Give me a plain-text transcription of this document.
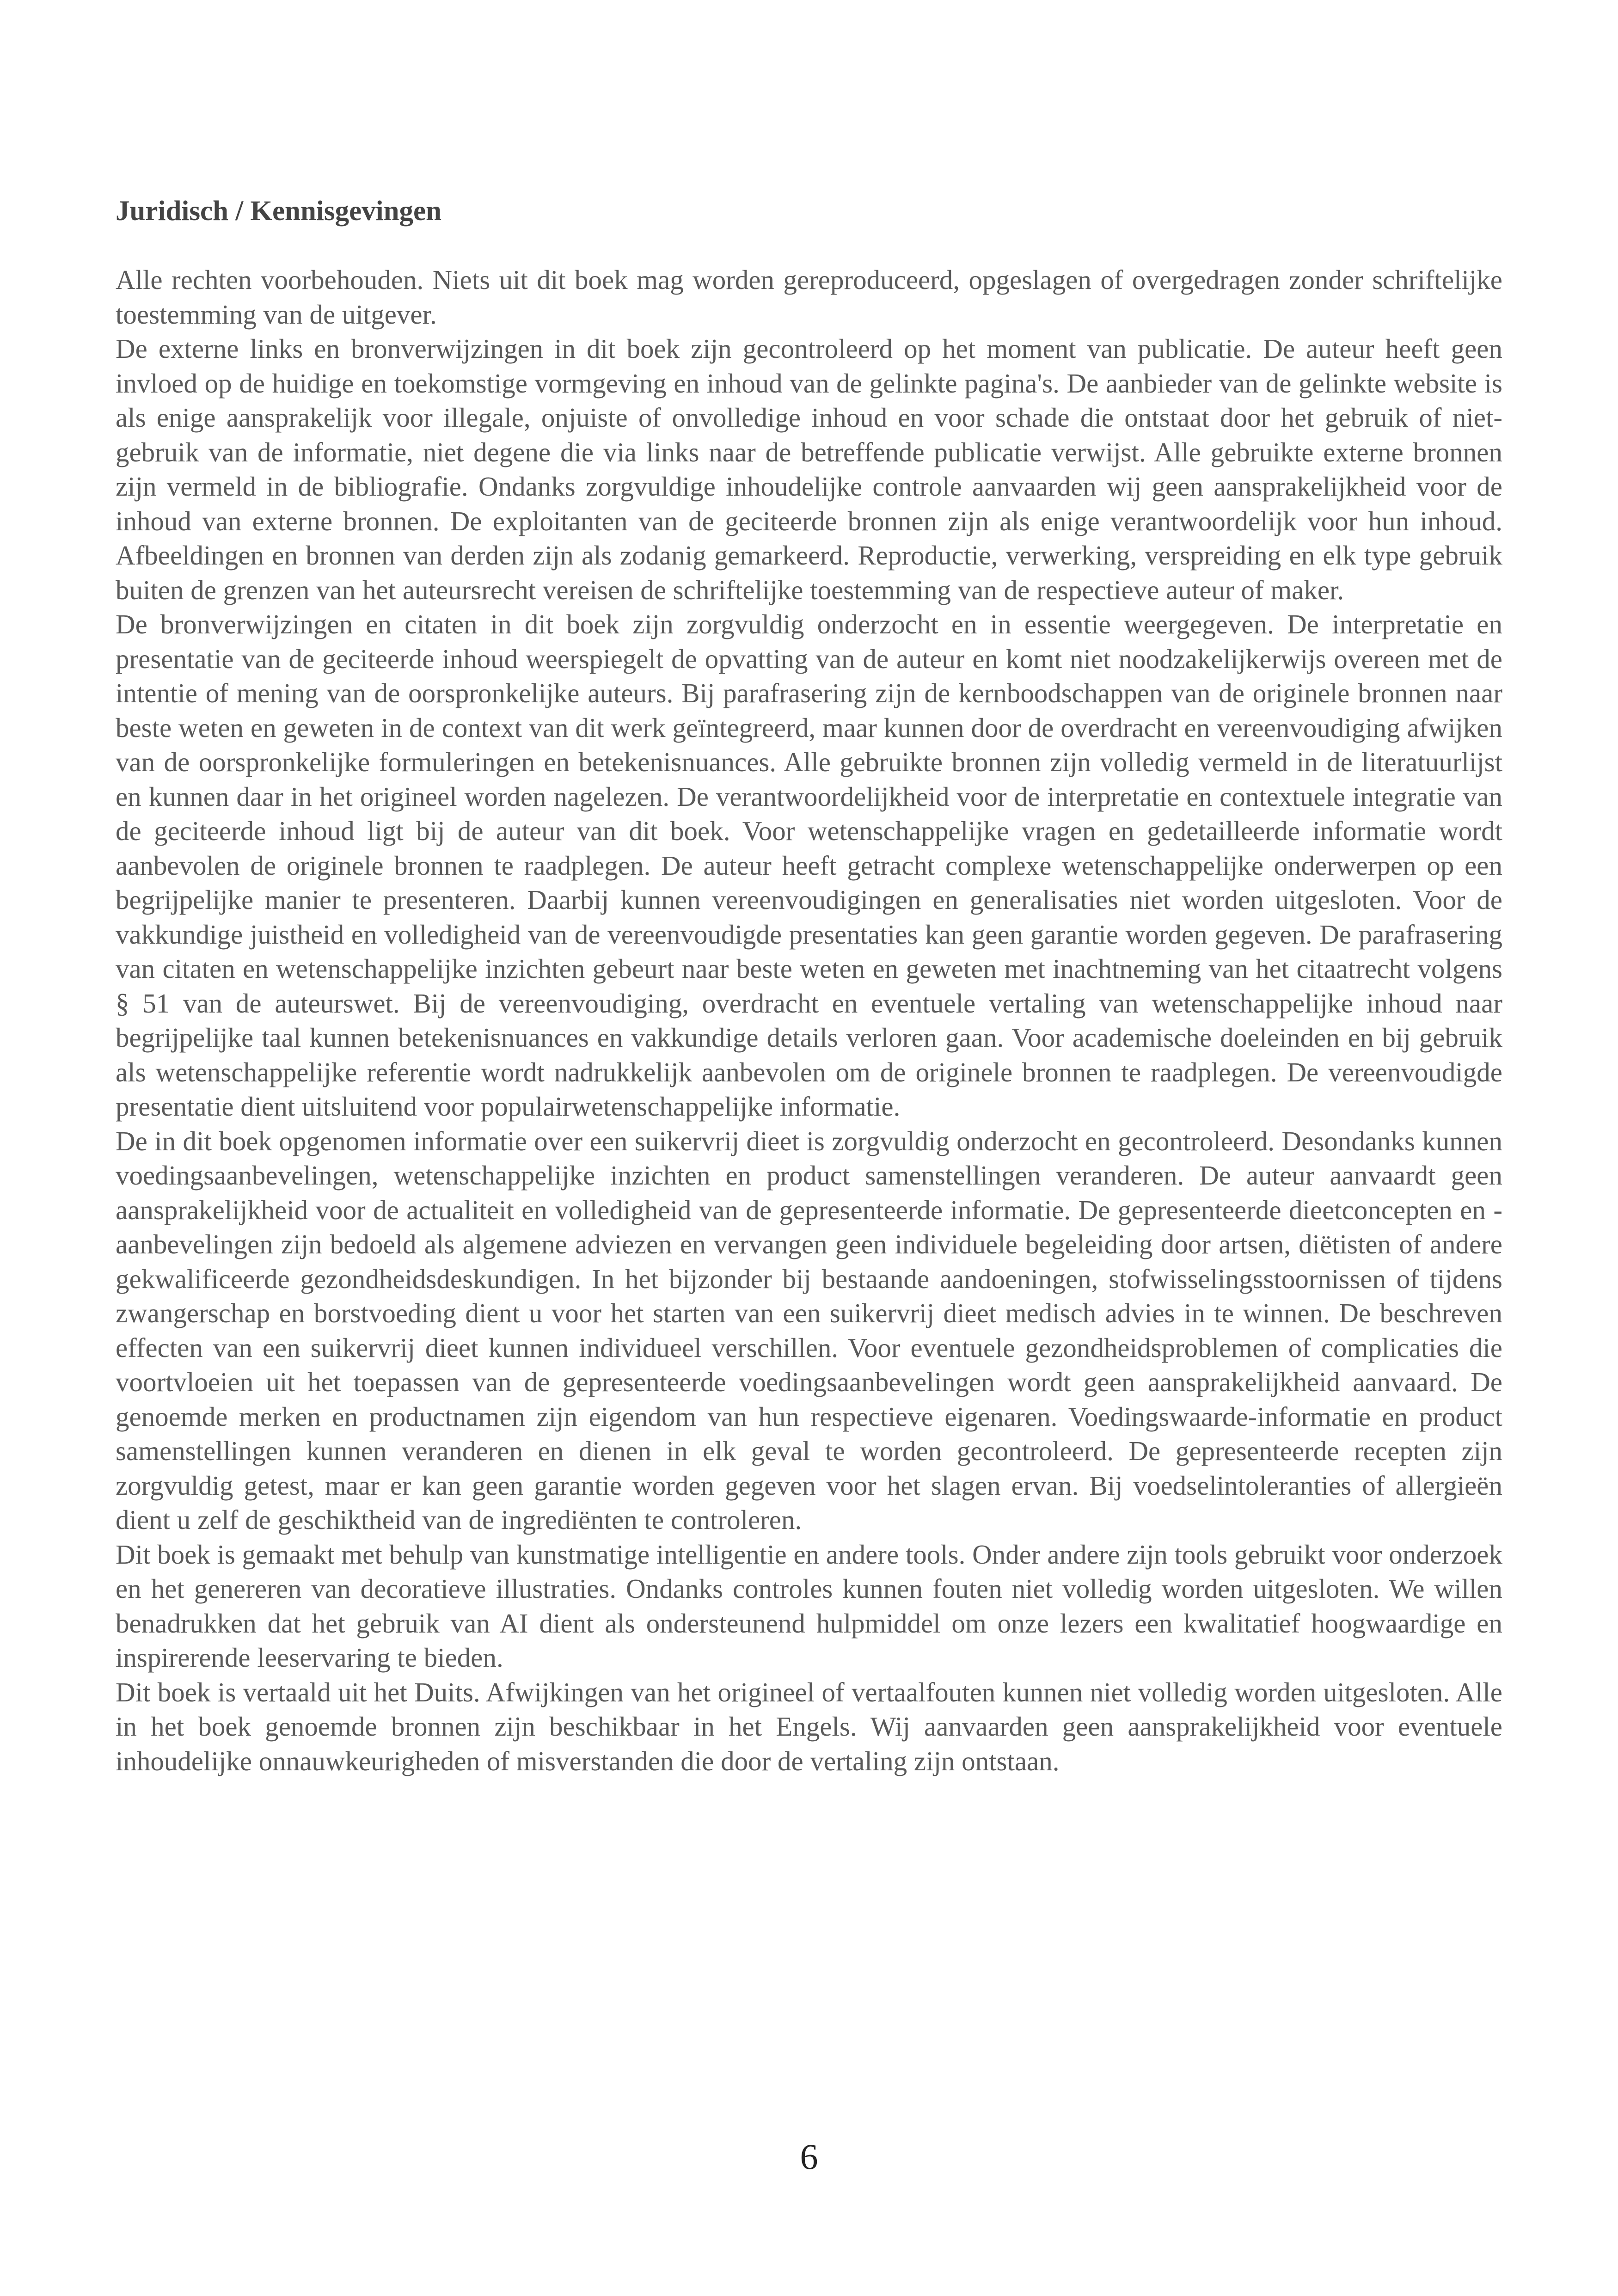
Juridisch / Kennisgevingen

Alle rechten voorbehouden. Niets uit dit boek mag worden gereproduceerd, opgeslagen of overgedragen zonder schriftelijke toestemming van de uitgever.

De externe links en bronverwijzingen in dit boek zijn gecontroleerd op het moment van publicatie. De auteur heeft geen invloed op de huidige en toekomstige vormgeving en inhoud van de gelinkte pagina's. De aanbieder van de gelinkte website is als enige aansprakelijk voor illegale, onjuiste of onvolledige inhoud en voor schade die ontstaat door het gebruik of niet-gebruik van de informatie, niet degene die via links naar de betreffende publicatie verwijst. Alle gebruikte externe bronnen zijn vermeld in de bibliografie. Ondanks zorgvuldige inhoudelijke controle aanvaarden wij geen aansprakelijkheid voor de inhoud van externe bronnen. De exploitanten van de geciteerde bronnen zijn als enige verantwoordelijk voor hun inhoud. Afbeeldingen en bronnen van derden zijn als zodanig gemarkeerd. Reproductie, verwerking, verspreiding en elk type gebruik buiten de grenzen van het auteursrecht vereisen de schriftelijke toestemming van de respectieve auteur of maker.

De bronverwijzingen en citaten in dit boek zijn zorgvuldig onderzocht en in essentie weergegeven. De interpretatie en presentatie van de geciteerde inhoud weerspiegelt de opvatting van de auteur en komt niet noodzakelijkerwijs overeen met de intentie of mening van de oorspronkelijke auteurs. Bij parafrasering zijn de kernboodschappen van de originele bronnen naar beste weten en geweten in de context van dit werk geïntegreerd, maar kunnen door de overdracht en vereenvoudiging afwijken van de oorspronkelijke formuleringen en betekenisnuances. Alle gebruikte bronnen zijn volledig vermeld in de literatuurlijst en kunnen daar in het origineel worden nagelezen. De verantwoordelijkheid voor de interpretatie en contextuele integratie van de geciteerde inhoud ligt bij de auteur van dit boek. Voor wetenschappelijke vragen en gedetailleerde informatie wordt aanbevolen de originele bronnen te raadplegen. De auteur heeft getracht complexe wetenschappelijke onderwerpen op een begrijpelijke manier te presenteren. Daarbij kunnen vereenvoudigingen en generalisaties niet worden uitgesloten. Voor de vakkundige juistheid en volledigheid van de vereenvoudigde presentaties kan geen garantie worden gegeven. De parafrasering van citaten en wetenschappelijke inzichten gebeurt naar beste weten en geweten met inachtneming van het citaatrecht volgens § 51 van de auteurswet. Bij de vereenvoudiging, overdracht en eventuele vertaling van wetenschappelijke inhoud naar begrijpelijke taal kunnen betekenisnuances en vakkundige details verloren gaan. Voor academische doeleinden en bij gebruik als wetenschappelijke referentie wordt nadrukkelijk aanbevolen om de originele bronnen te raadplegen. De vereenvoudigde presentatie dient uitsluitend voor populairwetenschappelijke informatie.

De in dit boek opgenomen informatie over een suikervrij dieet is zorgvuldig onderzocht en gecontroleerd. Desondanks kunnen voedingsaanbevelingen, wetenschappelijke inzichten en product samenstellingen veranderen. De auteur aanvaardt geen aansprakelijkheid voor de actualiteit en volledigheid van de gepresenteerde informatie. De gepresenteerde dieetconcepten en -aanbevelingen zijn bedoeld als algemene adviezen en vervangen geen individuele begeleiding door artsen, diëtisten of andere gekwalificeerde gezondheidsdeskundigen. In het bijzonder bij bestaande aandoeningen, stofwisselingsstoornissen of tijdens zwangerschap en borstvoeding dient u voor het starten van een suikervrij dieet medisch advies in te winnen. De beschreven effecten van een suikervrij dieet kunnen individueel verschillen. Voor eventuele gezondheidsproblemen of complicaties die voortvloeien uit het toepassen van de gepresenteerde voedingsaanbevelingen wordt geen aansprakelijkheid aanvaard. De genoemde merken en productnamen zijn eigendom van hun respectieve eigenaren. Voedingswaarde-informatie en product samenstellingen kunnen veranderen en dienen in elk geval te worden gecontroleerd. De gepresenteerde recepten zijn zorgvuldig getest, maar er kan geen garantie worden gegeven voor het slagen ervan. Bij voedselintoleranties of allergieën dient u zelf de geschiktheid van de ingrediënten te controleren.

Dit boek is gemaakt met behulp van kunstmatige intelligentie en andere tools. Onder andere zijn tools gebruikt voor onderzoek en het genereren van decoratieve illustraties. Ondanks controles kunnen fouten niet volledig worden uitgesloten. We willen benadrukken dat het gebruik van AI dient als ondersteunend hulpmiddel om onze lezers een kwalitatief hoogwaardige en inspirerende leeservaring te bieden.

Dit boek is vertaald uit het Duits. Afwijkingen van het origineel of vertaalfouten kunnen niet volledig worden uitgesloten. Alle in het boek genoemde bronnen zijn beschikbaar in het Engels. Wij aanvaarden geen aansprakelijkheid voor eventuele inhoudelijke onnauwkeurigheden of misverstanden die door de vertaling zijn ontstaan.

6
